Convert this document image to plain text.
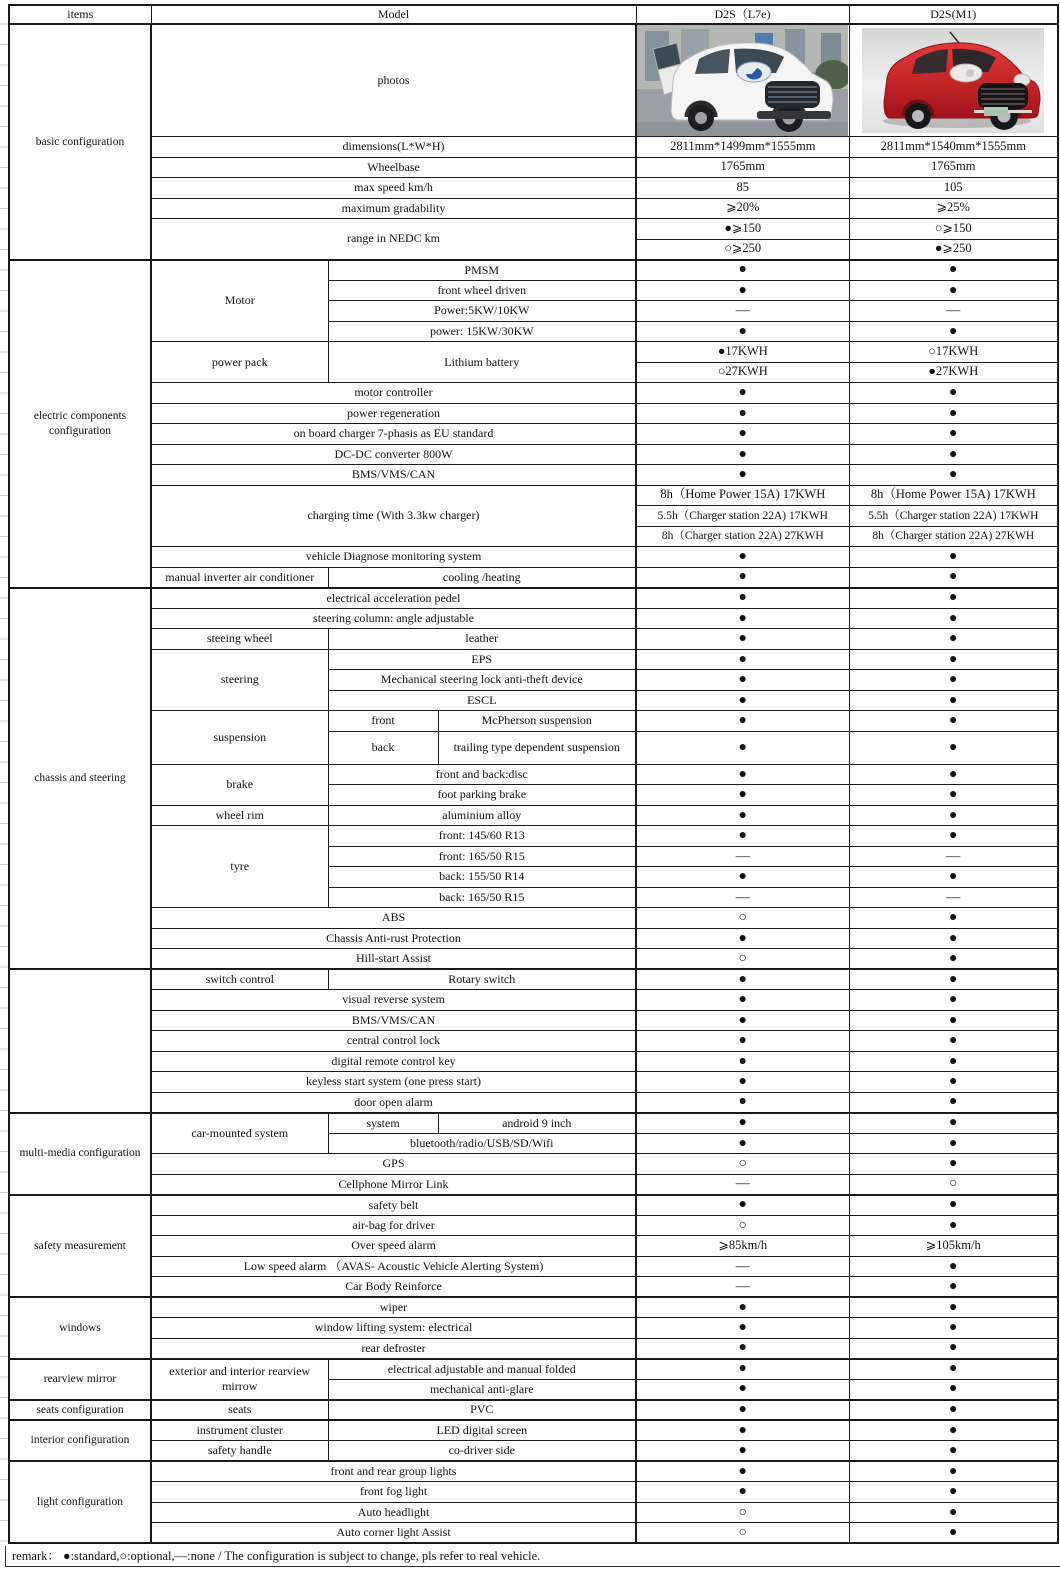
items	Model			D2S（L7e)	D2S(M1)
basic configuration	photos	

	dimensions(L*W*H)			2811mm*1499mm*1555mm	2811mm*1540mm*1555mm
	Wheelbase			1765mm	1765mm
	max speed km/h			85	105
	maximum gradability			⩾20%	⩾25%
	range in NEDC km			●⩾150	○⩾150
				○⩾250	●⩾250
electric components configuration	Motor	PMSM		●	●
		front wheel driven		●	●
		Power:5KW/10KW		—	—
		power: 15KW/30KW		●	●
	power pack	Lithium battery		●17KWH	○17KWH
				○27KWH	●27KWH
	motor controller			●	●
	power regeneration			●	●
	on board charger 7-phasis as EU standard			●	●
	DC-DC converter 800W			●	●
	BMS/VMS/CAN			●	●
	charging time (With 3.3kw charger)			8h（Home Power 15A) 17KWH	8h（Home Power 15A) 17KWH
				5.5h（Charger station 22A) 17KWH	5.5h（Charger station 22A) 17KWH
				8h（Charger station 22A) 27KWH	8h（Charger station 22A) 27KWH
	vehicle Diagnose monitoring system			●	●
	manual inverter air conditioner	cooling /heating		●	●
chassis and steering	electrical acceleration pedel			●	●
	steering column: angle adjustable			●	●
	steeing wheel	leather		●	●
	steering	EPS		●	●
		Mechanical steering lock anti-theft device		●	●
		ESCL		●	●
	suspension	front	McPherson suspension	●	●
		back	trailing type dependent suspension	●	●
	brake	front and back:disc		●	●
		foot parking brake		●	●
	wheel rim	aluminium alloy		●	●
	tyre	front: 145/60 R13		●	●
		front: 165/50 R15		—	—
		back: 155/50 R14		●	●
		back: 165/50 R15		—	—
	ABS			○	●
	Chassis Anti-rust Protection			●	●
	Hill-start Assist			○	●
	switch control	Rotary switch		●	●
	visual reverse system			●	●
	BMS/VMS/CAN			●	●
	central control lock			●	●
	digital remote control key			●	●
	keyless start system (one press start)			●	●
	door open alarm			●	●
multi-media configuration	car-mounted system	system	android 9 inch	●	●
		bluetooth/radio/USB/SD/Wifi		●	●
	GPS			○	●
	Cellphone Mirror Link			—	○
safety measurement	safety belt			●	●
	air-bag for driver			○	●
	Over speed alarm			⩾85km/h	⩾105km/h
	Low speed alarm （AVAS- Acoustic Vehicle Alerting System)			—	●
	Car Body Reinforce			—	●
windows	wiper			●	●
	window lifting system: electrical			●	●
	rear defroster			●	●
rearview mirror	exterior and interior rearview mirrow	electrical adjustable and manual folded		●	●
		mechanical anti-glare		●	●
seats configuration	seats	PVC		●	●
interior configuration	instrument cluster	LED digital screen		●	●
	safety handle	co-driver side		●	●
light configuration	front and rear group lights			●	●
	front fog light			●	●
	Auto headlight			○	●
	Auto corner light Assist			○	●
remark： ●:standard,○:optional,—:none / The configuration is subject to change, pls refer to real vehicle.
